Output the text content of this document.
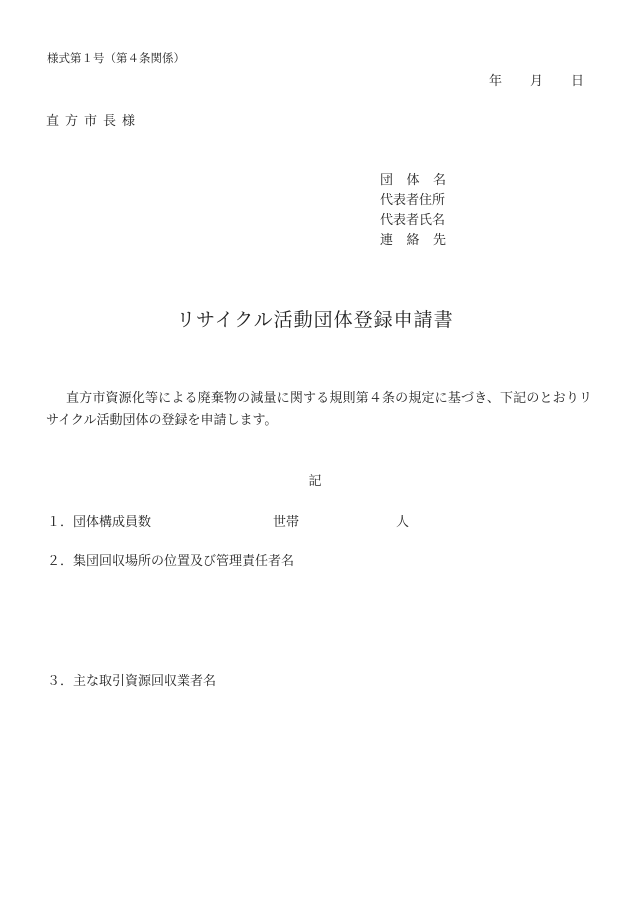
様式第１号（第４条関係）
年 月 日
直方市長様
団 体 名
代表者住所
代表者氏名
連 絡 先
リサイクル活動団体登録申請書
直方市資源化等による廃棄物の減量に関する規則第４条の規定に基づき、下記のとおりリサイクル活動団体の登録を申請します。
記
１．団体構成員数	世帯	人
２．集団回収場所の位置及び管理責任者名
３．主な取引資源回収業者名
